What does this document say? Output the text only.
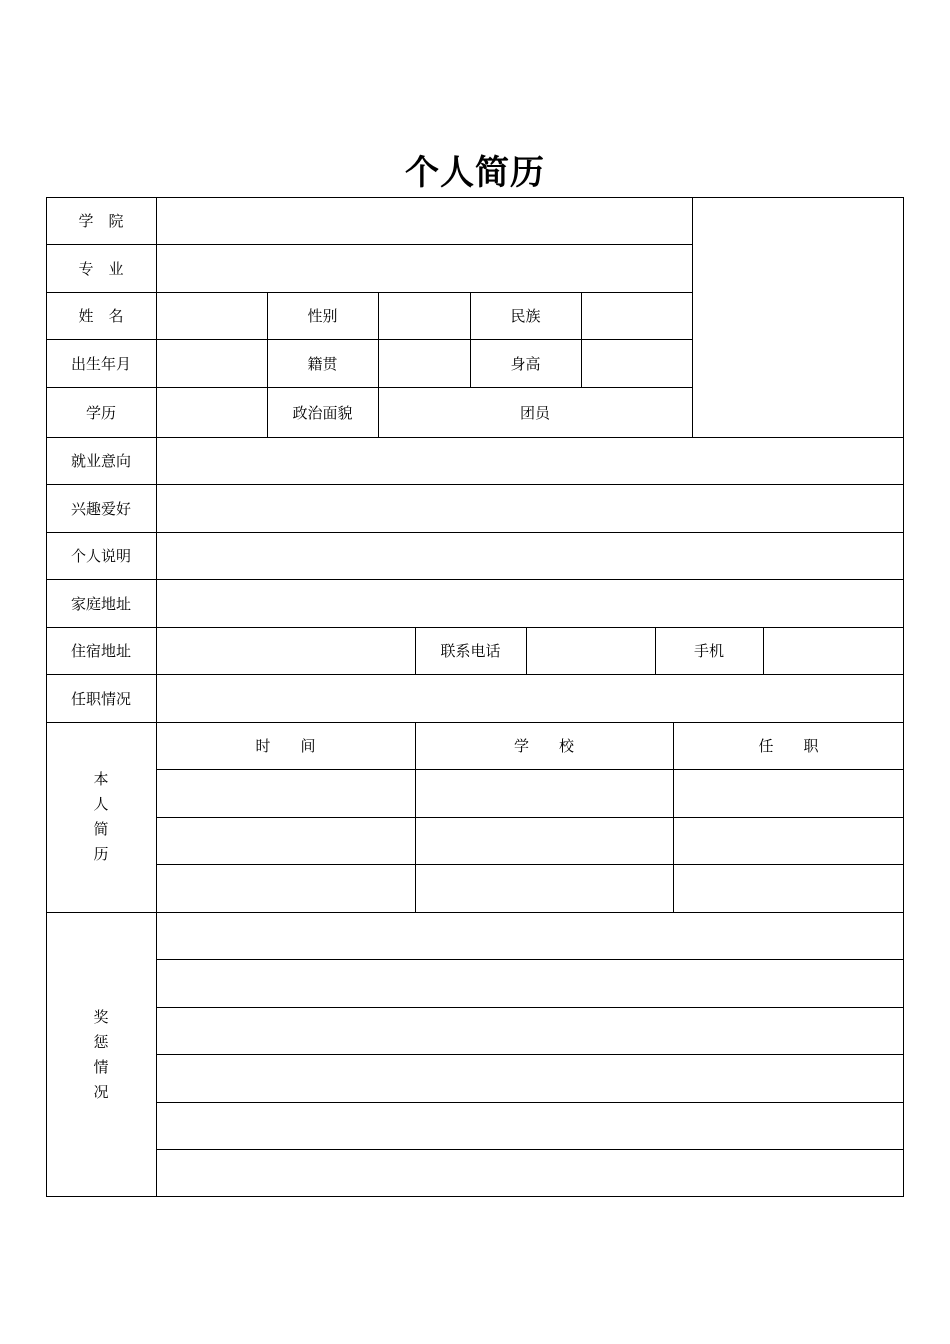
个人简历
学　院
专　业
姓　名	性别	民族
出生年月	籍贯	身高
学历	政治面貌	团员
就业意向
兴趣爱好
个人说明
家庭地址
住宿地址	联系电话	手机
任职情况
本
人
简
历
时　　间	学　　校	任　　职
奖
惩
情
况
